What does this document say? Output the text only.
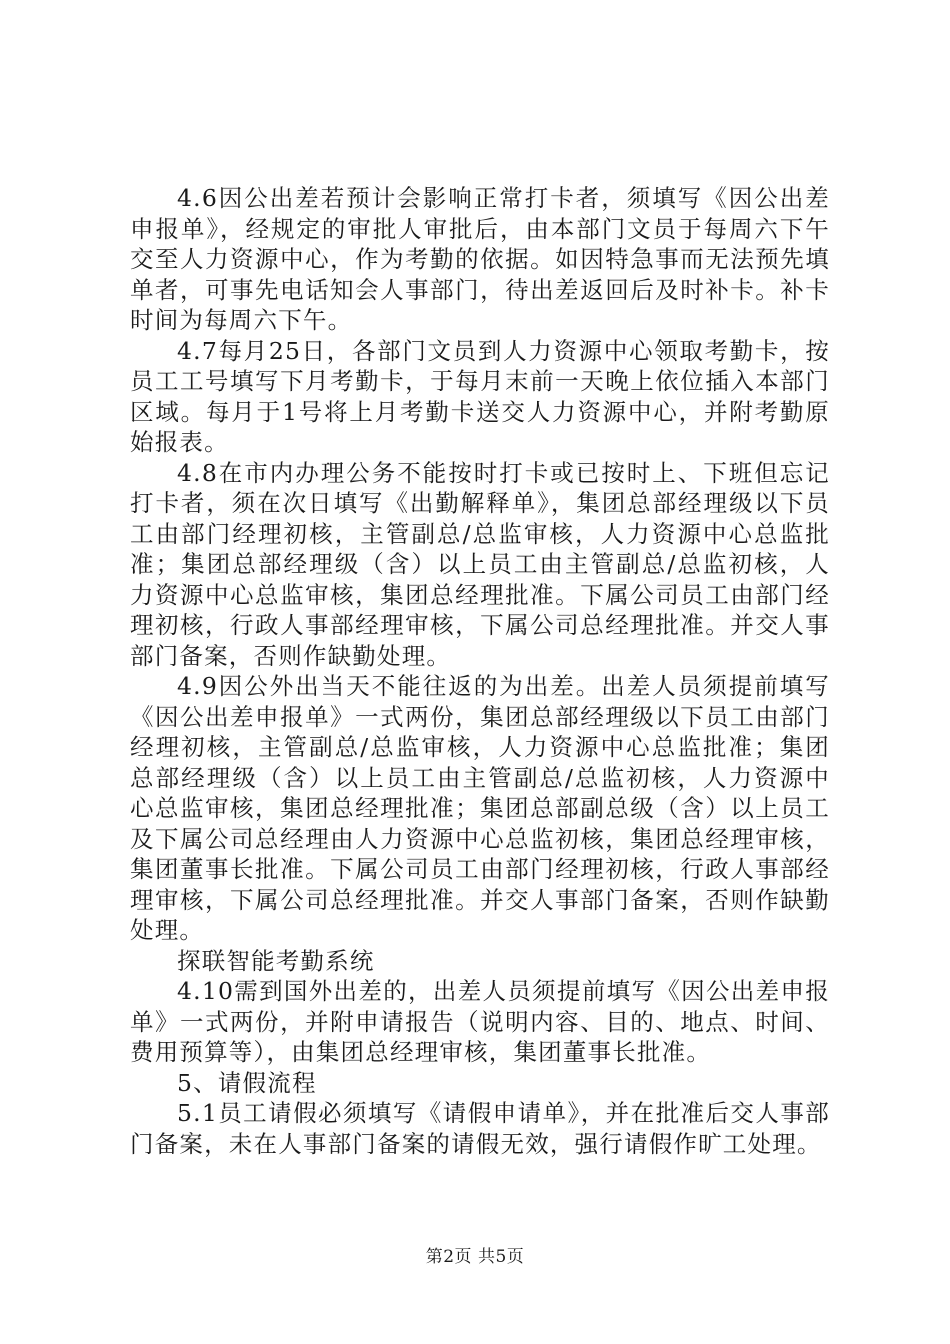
4.6因公出差若预计会影响正常打卡者，须填写《因公出差申报单》，经规定的审批人审批后，由本部门文员于每周六下午交至人力资源中心，作为考勤的依据。如因特急事而无法预先填单者，可事先电话知会人事部门，待出差返回后及时补卡。补卡时间为每周六下午。

4.7每月25日，各部门文员到人力资源中心领取考勤卡，按员工工号填写下月考勤卡，于每月末前一天晚上依位插入本部门区域。每月于1号将上月考勤卡送交人力资源中心，并附考勤原始报表。

4.8在市内办理公务不能按时打卡或已按时上、下班但忘记打卡者，须在次日填写《出勤解释单》，集团总部经理级以下员工由部门经理初核，主管副总/总监审核，人力资源中心总监批准；集团总部经理级（含）以上员工由主管副总/总监初核，人力资源中心总监审核，集团总经理批准。下属公司员工由部门经理初核，行政人事部经理审核，下属公司总经理批准。并交人事部门备案，否则作缺勤处理。

4.9因公外出当天不能往返的为出差。出差人员须提前填写《因公出差申报单》一式两份，集团总部经理级以下员工由部门经理初核，主管副总/总监审核，人力资源中心总监批准；集团总部经理级（含）以上员工由主管副总/总监初核，人力资源中心总监审核，集团总经理批准；集团总部副总级（含）以上员工及下属公司总经理由人力资源中心总监初核，集团总经理审核，集团董事长批准。下属公司员工由部门经理初核，行政人事部经理审核，下属公司总经理批准。并交人事部门备案，否则作缺勤处理。

探联智能考勤系统

4.10需到国外出差的，出差人员须提前填写《因公出差申报单》一式两份，并附申请报告（说明内容、目的、地点、时间、费用预算等），由集团总经理审核，集团董事长批准。

5、请假流程

5.1员工请假必须填写《请假申请单》，并在批准后交人事部门备案，未在人事部门备案的请假无效，强行请假作旷工处理。

第2页 共5页
